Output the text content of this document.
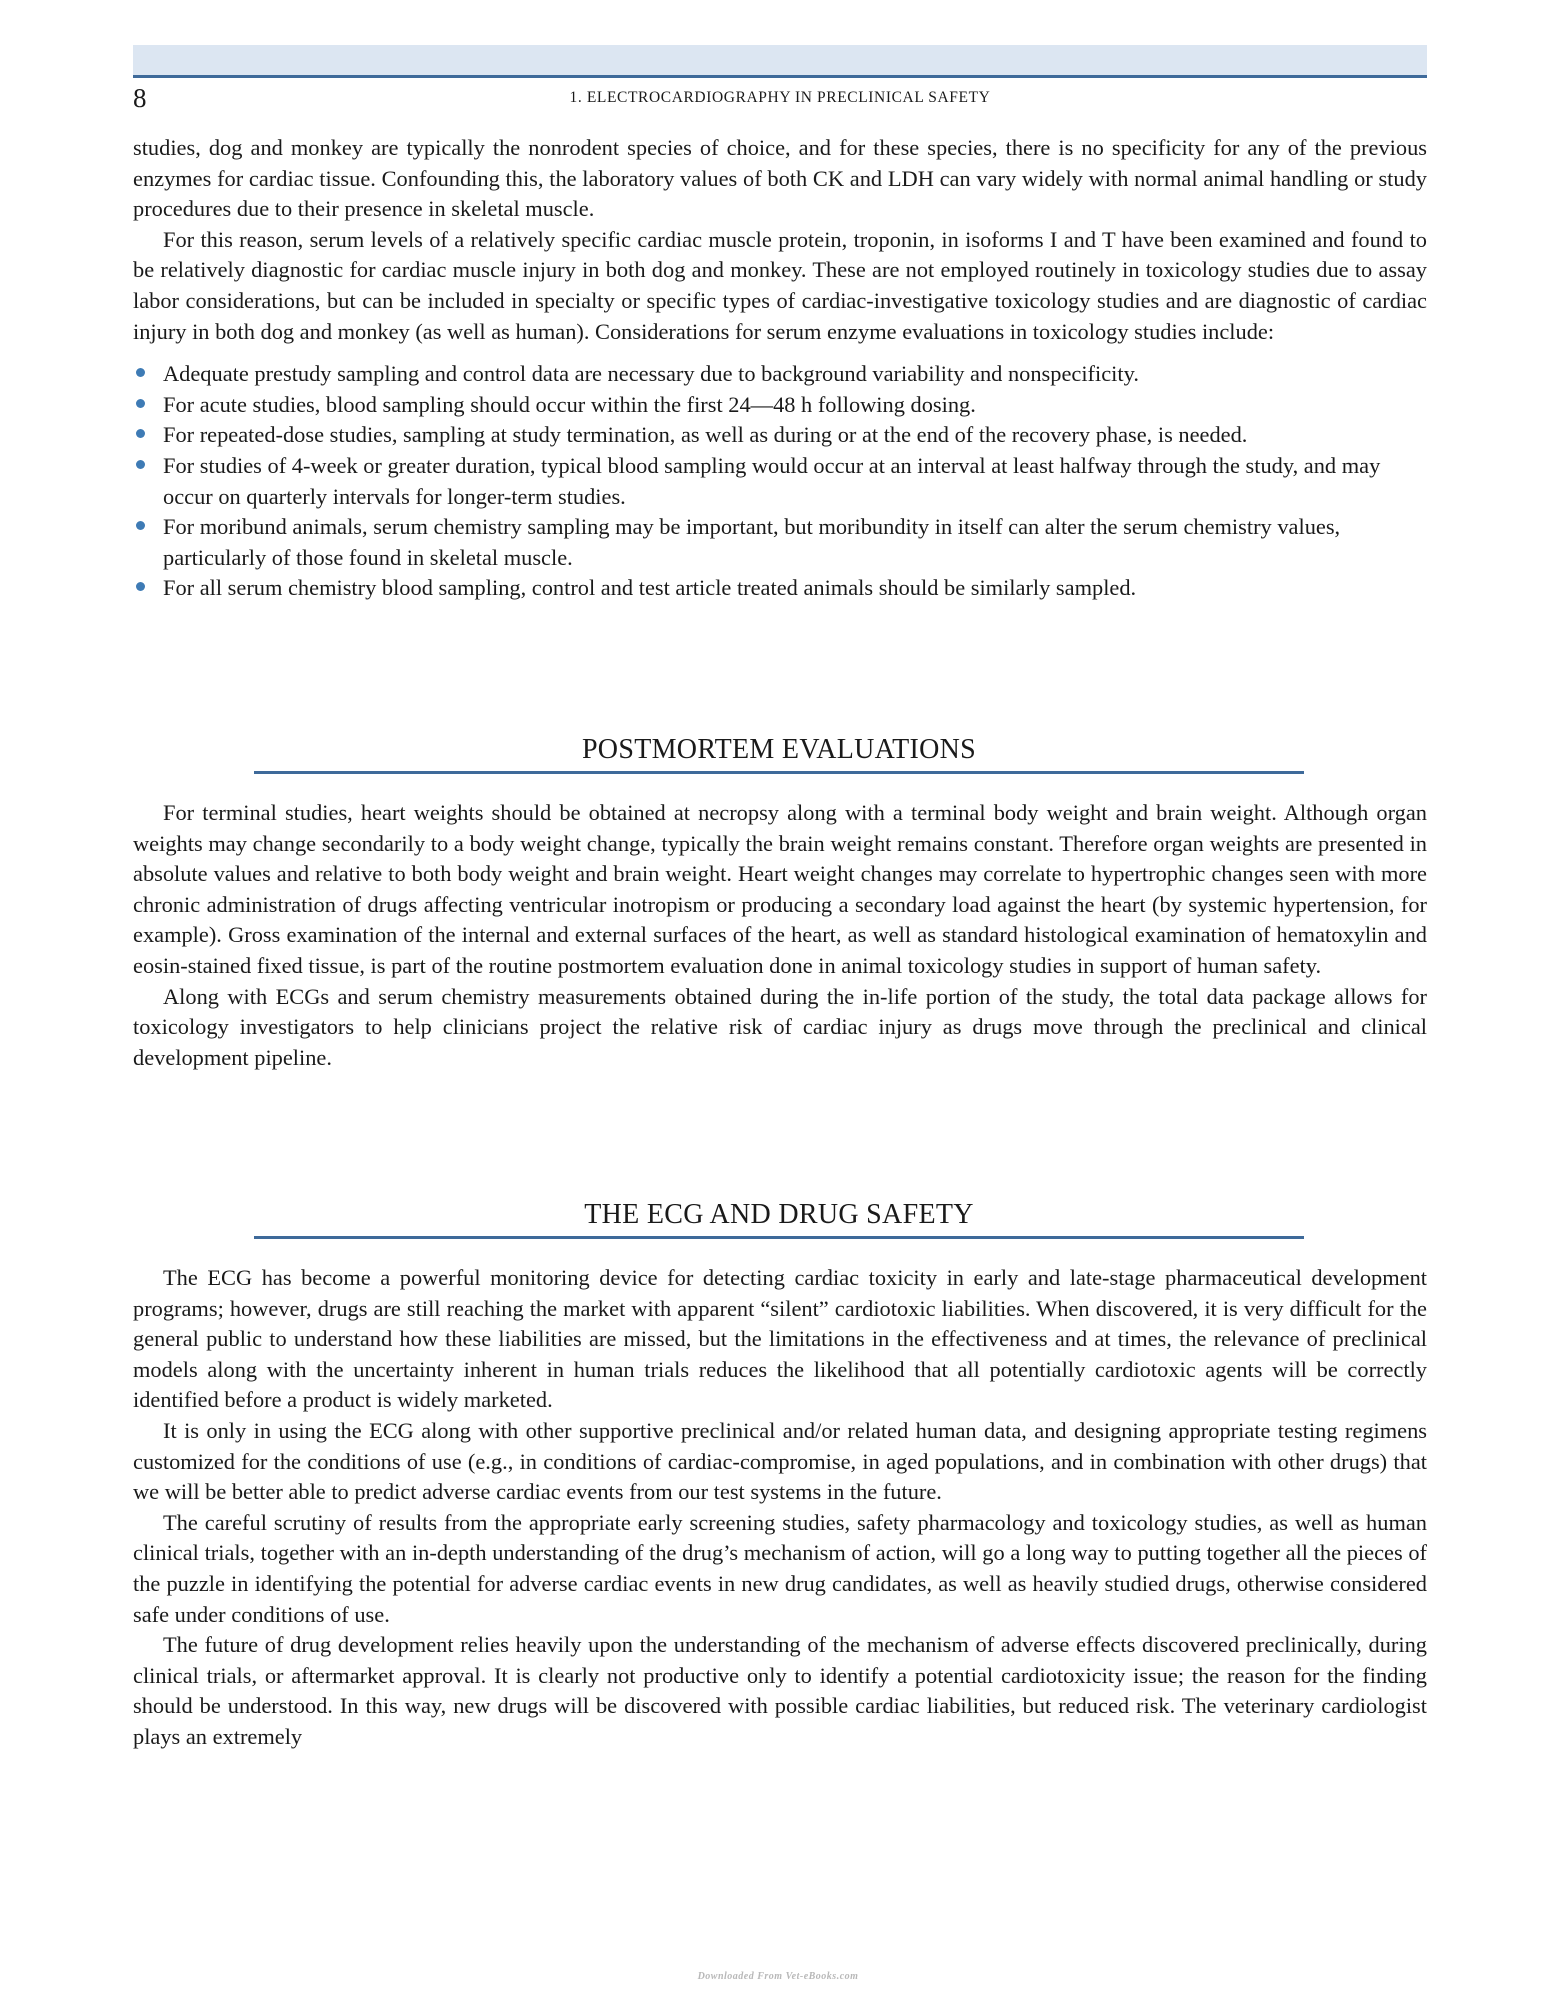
8	1. ELECTROCARDIOGRAPHY IN PRECLINICAL SAFETY

studies, dog and monkey are typically the nonrodent species of choice, and for these species, there is no specificity for any of the previous enzymes for cardiac tissue. Confounding this, the laboratory values of both CK and LDH can vary widely with normal animal handling or study procedures due to their presence in skeletal muscle.

For this reason, serum levels of a relatively specific cardiac muscle protein, troponin, in isoforms I and T have been examined and found to be relatively diagnostic for cardiac muscle injury in both dog and monkey. These are not employed routinely in toxicology studies due to assay labor considerations, but can be included in specialty or specific types of cardiac-investigative toxicology studies and are diagnostic of cardiac injury in both dog and monkey (as well as human). Considerations for serum enzyme evaluations in toxicology studies include:

Adequate prestudy sampling and control data are necessary due to background variability and nonspecificity.
For acute studies, blood sampling should occur within the first 24—48 h following dosing.
For repeated-dose studies, sampling at study termination, as well as during or at the end of the recovery phase, is needed.
For studies of 4-week or greater duration, typical blood sampling would occur at an interval at least halfway through the study, and may occur on quarterly intervals for longer-term studies.
For moribund animals, serum chemistry sampling may be important, but moribundity in itself can alter the serum chemistry values, particularly of those found in skeletal muscle.
For all serum chemistry blood sampling, control and test article treated animals should be similarly sampled.
POSTMORTEM EVALUATIONS

For terminal studies, heart weights should be obtained at necropsy along with a terminal body weight and brain weight. Although organ weights may change secondarily to a body weight change, typically the brain weight remains constant. Therefore organ weights are presented in absolute values and relative to both body weight and brain weight. Heart weight changes may correlate to hypertrophic changes seen with more chronic administration of drugs affecting ventricular inotropism or producing a secondary load against the heart (by systemic hypertension, for example). Gross examination of the internal and external surfaces of the heart, as well as standard histological examination of hematoxylin and eosin-stained fixed tissue, is part of the routine postmortem evaluation done in animal toxicology studies in support of human safety.

Along with ECGs and serum chemistry measurements obtained during the in-life portion of the study, the total data package allows for toxicology investigators to help clinicians project the relative risk of cardiac injury as drugs move through the preclinical and clinical development pipeline.

THE ECG AND DRUG SAFETY

The ECG has become a powerful monitoring device for detecting cardiac toxicity in early and late-stage pharmaceutical development programs; however, drugs are still reaching the market with apparent “silent” cardiotoxic liabilities. When discovered, it is very difficult for the general public to understand how these liabilities are missed, but the limitations in the effectiveness and at times, the relevance of preclinical models along with the uncertainty inherent in human trials reduces the likelihood that all potentially cardiotoxic agents will be correctly identified before a product is widely marketed.

It is only in using the ECG along with other supportive preclinical and/or related human data, and designing appropriate testing regimens customized for the conditions of use (e.g., in conditions of cardiac-compromise, in aged populations, and in combination with other drugs) that we will be better able to predict adverse cardiac events from our test systems in the future.

The careful scrutiny of results from the appropriate early screening studies, safety pharmacology and toxicology studies, as well as human clinical trials, together with an in-depth understanding of the drug’s mechanism of action, will go a long way to putting together all the pieces of the puzzle in identifying the potential for adverse cardiac events in new drug candidates, as well as heavily studied drugs, otherwise considered safe under conditions of use.

The future of drug development relies heavily upon the understanding of the mechanism of adverse effects discovered preclinically, during clinical trials, or aftermarket approval. It is clearly not productive only to identify a potential cardiotoxicity issue; the reason for the finding should be understood. In this way, new drugs will be discovered with possible cardiac liabilities, but reduced risk. The veterinary cardiologist plays an extremely

Downloaded From Vet-eBooks.com
